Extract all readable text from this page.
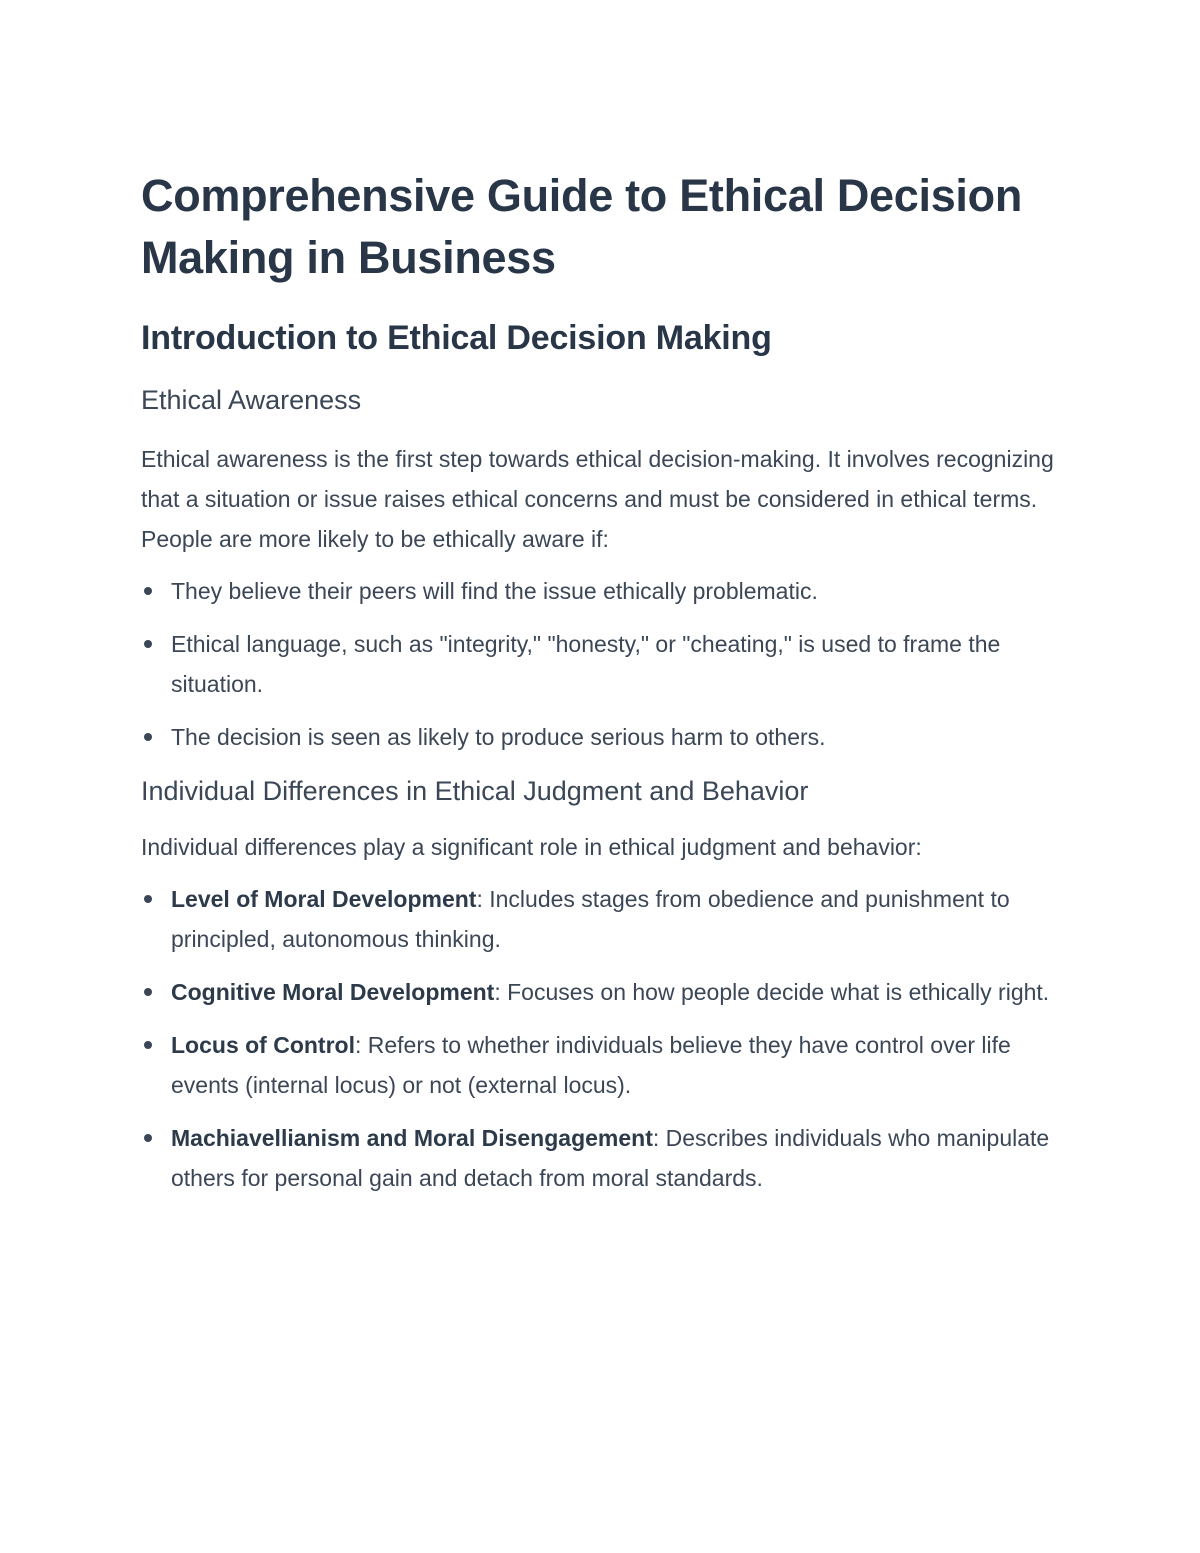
Comprehensive Guide to Ethical Decision Making in Business
Introduction to Ethical Decision Making
Ethical Awareness

Ethical awareness is the first step towards ethical decision-making. It involves recognizing that a situation or issue raises ethical concerns and must be considered in ethical terms. People are more likely to be ethically aware if:

They believe their peers will find the issue ethically problematic.
Ethical language, such as "integrity," "honesty," or "cheating," is used to frame the situation.
The decision is seen as likely to produce serious harm to others.
Individual Differences in Ethical Judgment and Behavior

Individual differences play a significant role in ethical judgment and behavior:

Level of Moral Development: Includes stages from obedience and punishment to principled, autonomous thinking.
Cognitive Moral Development: Focuses on how people decide what is ethically right.
Locus of Control: Refers to whether individuals believe they have control over life events (internal locus) or not (external locus).
Machiavellianism and Moral Disengagement: Describes individuals who manipulate others for personal gain and detach from moral standards.
